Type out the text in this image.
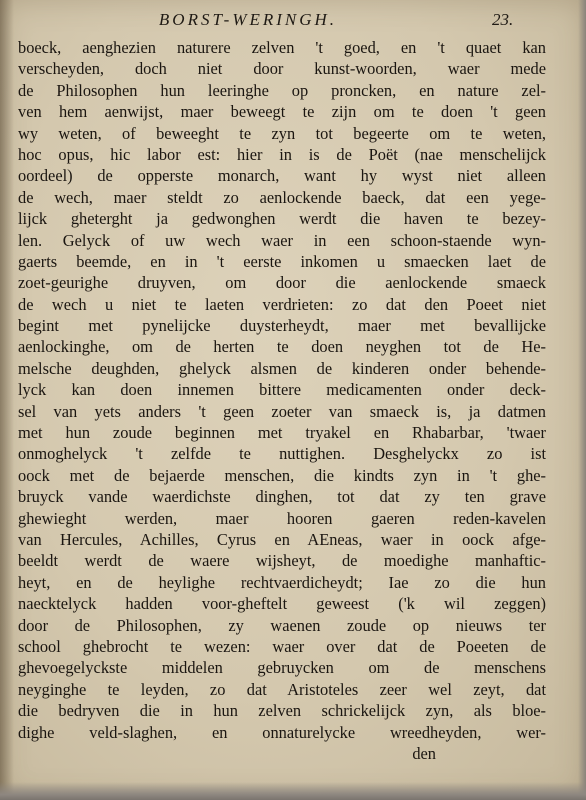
BORST-WERINGH.	23.
boeck, aenghezien naturere zelven 't goed, en 't quaet kan
verscheyden, doch niet door kunst-woorden, waer mede
de Philosophen hun leeringhe op proncken, en nature zel-
ven hem aenwijst, maer beweegt te zijn om te doen 't geen
wy weten, of beweeght te zyn tot begeerte om te weten,
hoc opus, hic labor est: hier in is de Poët (nae menschelijck
oordeel) de opperste monarch, want hy wyst niet alleen
de wech, maer steldt zo aenlockende baeck, dat een yege-
lijck gheterght ja gedwonghen werdt die haven te bezey-
len. Gelyck of uw wech waer in een schoon-staende wyn-
gaerts beemde, en in 't eerste inkomen u smaecken laet de
zoet-geurighe druyven, om door die aenlockende smaeck
de wech u niet te laeten verdrieten: zo dat den Poeet niet
begint met pynelijcke duysterheydt, maer met bevallijcke
aenlockinghe, om de herten te doen neyghen tot de He-
melsche deughden, ghelyck alsmen de kinderen onder behende-
lyck kan doen innemen bittere medicamenten onder deck-
sel van yets anders 't geen zoeter van smaeck is, ja datmen
met hun zoude beginnen met tryakel en Rhabarbar, 'twaer
onmoghelyck 't zelfde te nuttighen. Desghelyckx zo ist
oock met de bejaerde menschen, die kindts zyn in 't ghe-
bruyck vande waerdichste dinghen, tot dat zy ten grave
ghewieght werden, maer hooren gaeren reden-kavelen
van Hercules, Achilles, Cyrus en AEneas, waer in oock afge-
beeldt werdt de waere wijsheyt, de moedighe manhaftic-
heyt, en de heylighe rechtvaerdicheydt; Iae zo die hun
naecktelyck hadden voor-gheftelt geweest ('k wil zeggen)
door de Philosophen, zy waenen zoude op nieuws ter
school ghebrocht te wezen: waer over dat de Poeeten de
ghevoegelyckste middelen gebruycken om de menschens
neyginghe te leyden, zo dat Aristoteles zeer wel zeyt, dat
die bedryven die in hun zelven schrickelijck zyn, als bloe-
dighe veld-slaghen, en onnaturelycke wreedheyden, wer-
den
